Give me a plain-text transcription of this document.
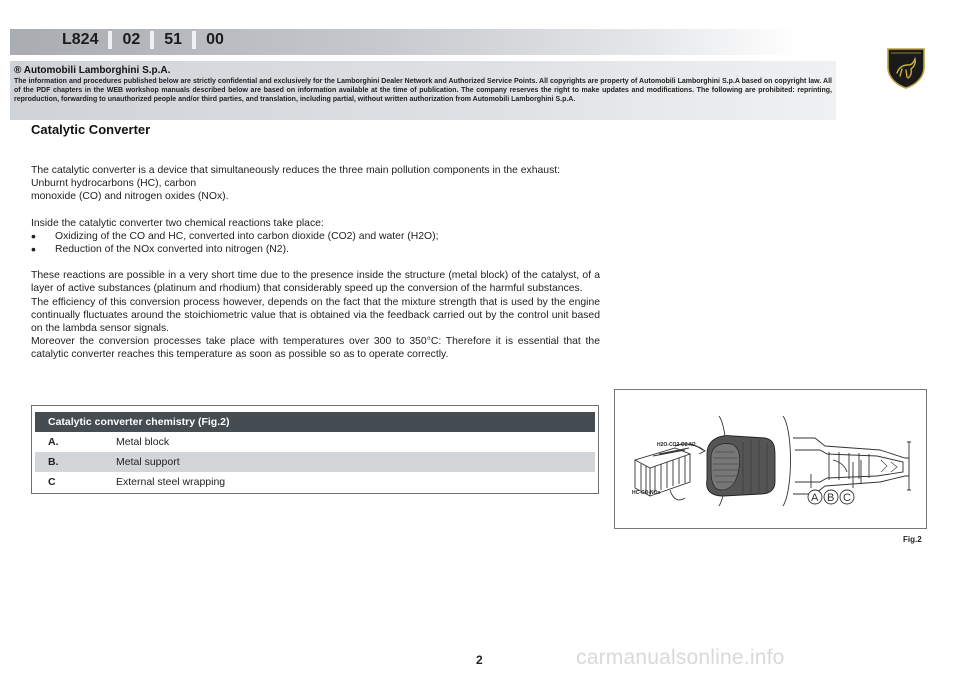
L824 02 51 00
® Automobili Lamborghini S.p.A.
The information and procedures published below are strictly confidential and exclusively for the Lamborghini Dealer Network and Authorized Service Points. All copyrights are property of Automobili Lamborghini S.p.A based on copyright law. All of the PDF chapters in the WEB workshop manuals described below are based on information available at the time of publication. The company reserves the right to make updates and modifications. The following are prohibited: reprinting, reproduction, forwarding to unauthorized people and/or third parties, and translation, including partial, without written authorization from Automobili Lamborghini S.p.A.
Catalytic Converter

The catalytic converter is a device that simultaneously reduces the three main pollution components in the exhaust:
Unburnt hydrocarbons (HC), carbon
monoxide (CO) and nitrogen oxides (NOx).

Inside the catalytic converter two chemical reactions take place:
•	Oxidizing of the CO and HC, converted into carbon dioxide (CO2) and water (H2O);
•	Reduction of the NOx converted into nitrogen (N2).

These reactions are possible in a very short time due to the presence inside the structure (metal block) of the catalyst, of a layer of active substances (platinum and rhodium) that considerably speed up the conversion of the harmful substances.
The efficiency of this conversion process however, depends on the fact that the mixture strength that is used by the engine continually fluctuates around the stoichiometric value that is obtained via the feedback carried out by the control unit based on the lambda sensor signals.
Moreover the conversion processes take place with temperatures over 300 to 350°C: Therefore it is essential that the catalytic converter reaches this temperature as soon as possible so as to operate correctly.

Catalytic converter chemistry (Fig.2)
A.	Metal block
B.	Metal support
C	External steel wrapping
H2O-CO2-O2-N2
HC-CO-NOx	A B C
Fig.2
2	carmanualsonline.info
